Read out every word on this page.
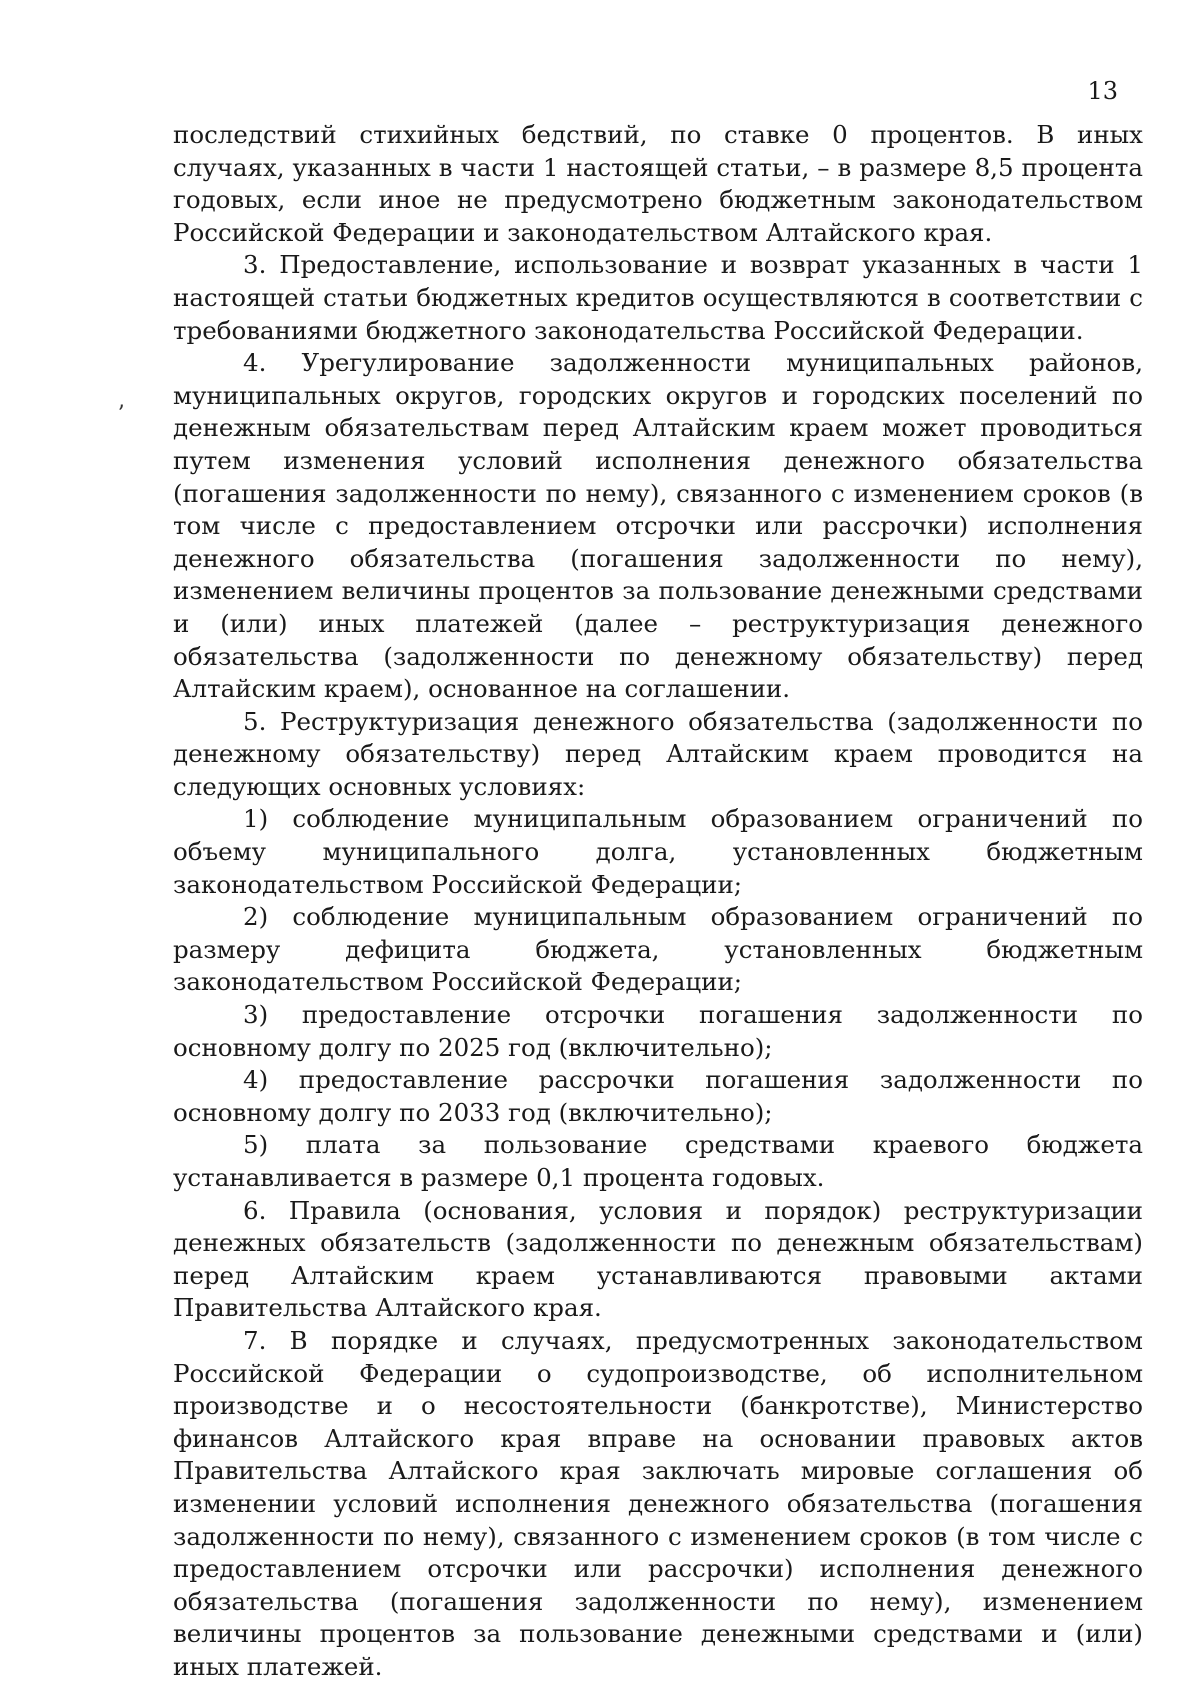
13
ʼ

последствий стихийных бедствий, по ставке 0 процентов. В иных случаях, указанных в части 1 настоящей статьи, – в размере 8,5 процента годовых, если иное не предусмотрено бюджетным законодательством Российской Федерации и законодательством Алтайского края.

3. Предоставление, использование и возврат указанных в части 1 настоящей статьи бюджетных кредитов осуществляются в соответствии с требованиями бюджетного законодательства Российской Федерации.

4. Урегулирование задолженности муниципальных районов, муниципальных округов, городских округов и городских поселений по денежным обязательствам перед Алтайским краем может проводиться путем изменения условий исполнения денежного обязательства (погашения задолженности по нему), связанного с изменением сроков (в том числе с предоставлением отсрочки или рассрочки) исполнения денежного обязательства (погашения задолженности по нему), изменением величины процентов за пользование денежными средствами и (или) иных платежей (далее – реструктуризация денежного обязательства (задолженности по денежному обязательству) перед Алтайским краем), основанное на соглашении.

5. Реструктуризация денежного обязательства (задолженности по денежному обязательству) перед Алтайским краем проводится на следующих основных условиях:

1) соблюдение муниципальным образованием ограничений по объему муниципального долга, установленных бюджетным законодательством Российской Федерации;

2) соблюдение муниципальным образованием ограничений по размеру дефицита бюджета, установленных бюджетным законодательством Российской Федерации;

3) предоставление отсрочки погашения задолженности по основному долгу по 2025 год (включительно);

4) предоставление рассрочки погашения задолженности по основному долгу по 2033 год (включительно);

5) плата за пользование средствами краевого бюджета устанавливается в размере 0,1 процента годовых.

6. Правила (основания, условия и порядок) реструктуризации денежных обязательств (задолженности по денежным обязательствам) перед Алтайским краем устанавливаются правовыми актами Правительства Алтайского края.

7. В порядке и случаях, предусмотренных законодательством Российской Федерации о судопроизводстве, об исполнительном производстве и о несостоятельности (банкротстве), Министерство финансов Алтайского края вправе на основании правовых актов Правительства Алтайского края заключать мировые соглашения об изменении условий исполнения денежного обязательства (погашения задолженности по нему), связанного с изменением сроков (в том числе с предоставлением отсрочки или рассрочки) исполнения денежного обязательства (погашения задолженности по нему), изменением величины процентов за пользование денежными средствами и (или) иных платежей.
